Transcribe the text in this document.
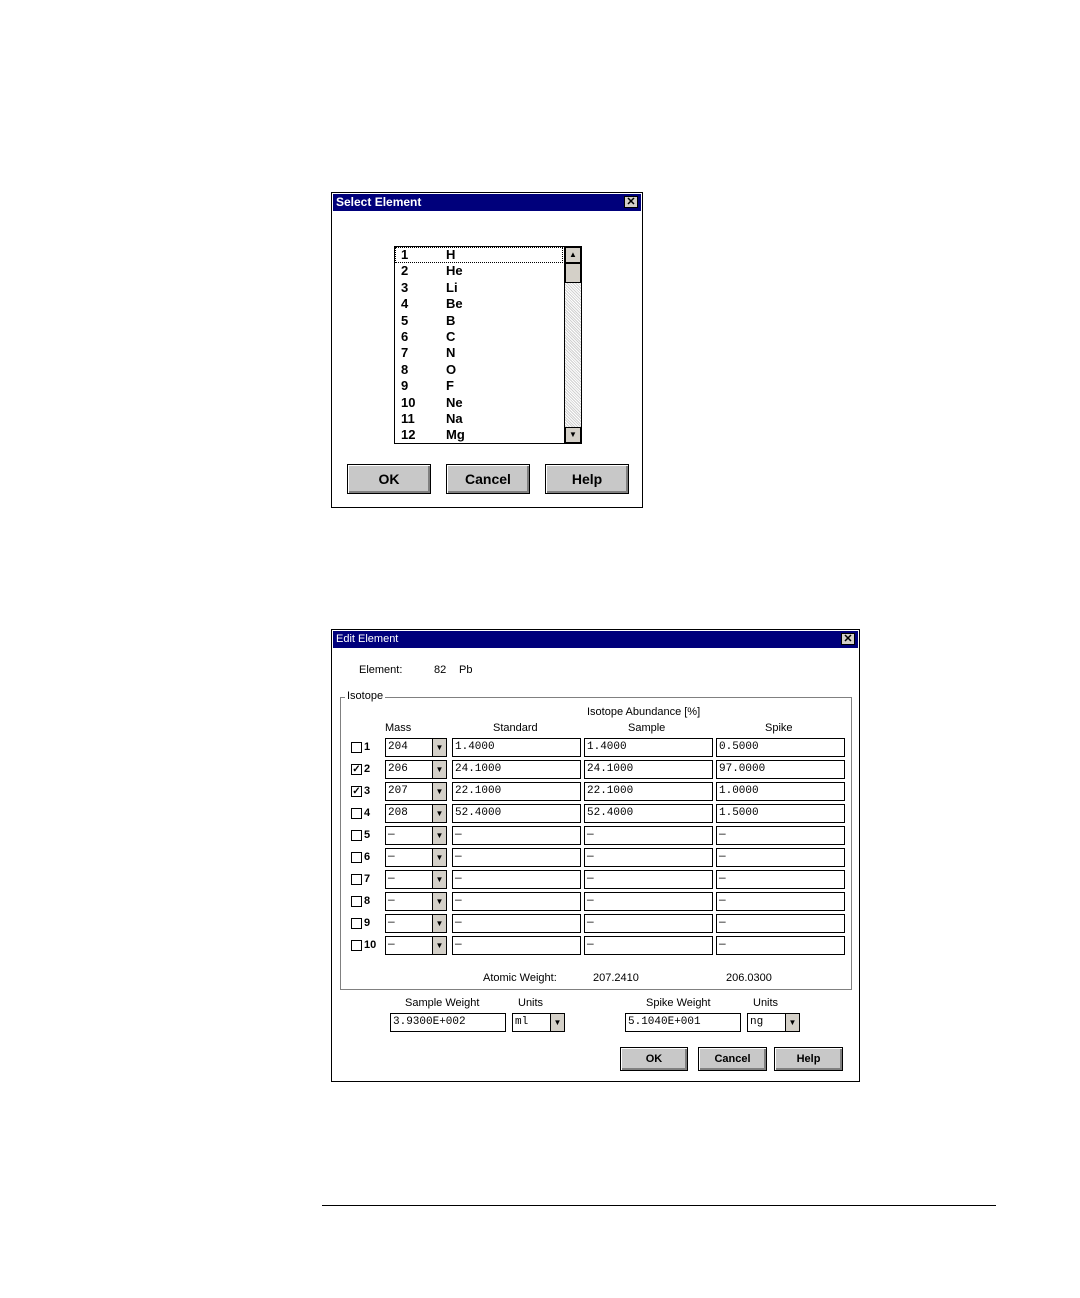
Select Element	✕
1	H
2	He
3	Li
4	Be
5	B
6	C
7	N
8	O
9	F
10 Ne
11 Na
12 Mg
▲
▼
OK	Cancel	Help
Edit Element	✕
Element:	82 Pb
Isotope
Isotope Abundance [%]
Mass	Standard	Sample	Spike
1 204	▼ 1.4000	1.4000	0.5000
✓ 2 206	▼ 24.1000	24.1000	97.0000
✓ 3 207	▼ 22.1000	22.1000	1.0000
4 208	▼ 52.4000	52.4000	1.5000
5 —	▼ —	—	—
6 —	▼ —	—	—
7 —	▼ —	—	—
8 —	▼ —	—	—
9 —	▼ —	—	—
10 —	▼ —	—	—
Atomic Weight:	207.2410	206.0300
Sample Weight	Units	Spike Weight	Units
3.9300E+002	ml	▼	5.1040E+001	ng	▼
OK	Cancel	Help
